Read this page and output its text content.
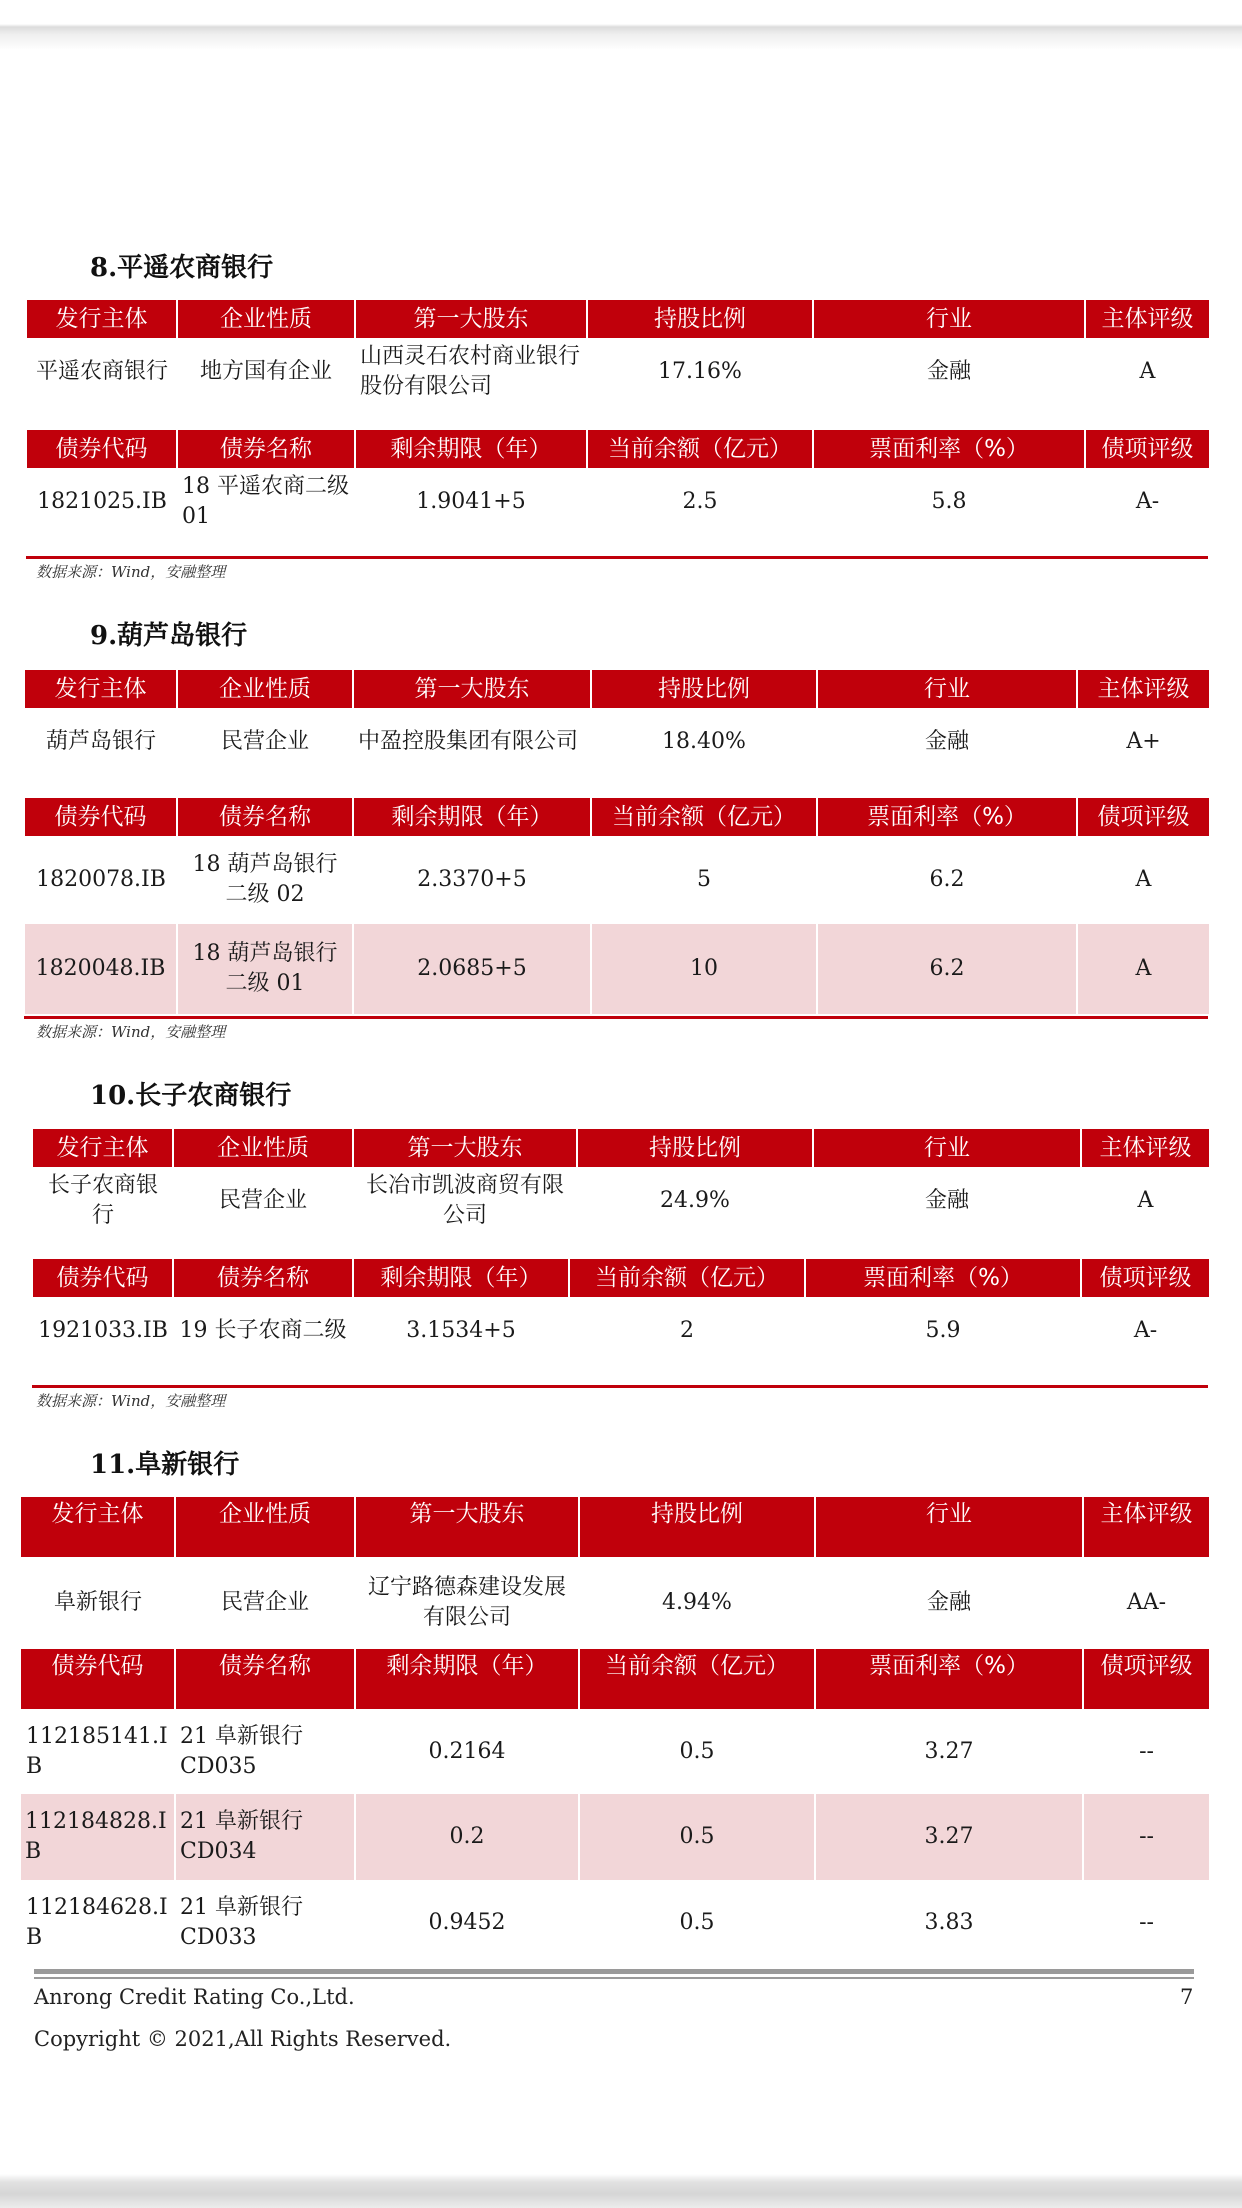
8.平遥农商银行
发行主体	企业性质	第一大股东	持股比例	行业	主体评级
平遥农商银行	地方国有企业	山西灵石农村商业银行股份有限公司	17.16%	金融	A
债券代码	债券名称	剩余期限（年）	当前余额（亿元）	票面利率（%）	债项评级
1821025.IB	18 平遥农商二级 01	1.9041+5	2.5	5.8	A-
数据来源：Wind，安融整理
9.葫芦岛银行
发行主体	企业性质	第一大股东	持股比例	行业	主体评级
葫芦岛银行	民营企业	中盈控股集团有限公司	18.40%	金融	A+
债券代码	债券名称	剩余期限（年）	当前余额（亿元）	票面利率（%）	债项评级
1820078.IB	18 葫芦岛银行二级 02	2.3370+5	5	6.2	A
1820048.IB	18 葫芦岛银行二级 01	2.0685+5	10	6.2	A
数据来源：Wind，安融整理
10.长子农商银行
发行主体	企业性质	第一大股东	持股比例	行业	主体评级
长子农商银行	民营企业	长冶市凯波商贸有限公司	24.9%	金融	A
债券代码	债券名称	剩余期限（年）	当前余额（亿元）	票面利率（%）	债项评级
1921033.IB	19 长子农商二级	3.1534+5	2	5.9	A-
数据来源：Wind，安融整理
11.阜新银行
发行主体	企业性质	第一大股东	持股比例	行业	主体评级
阜新银行	民营企业	辽宁路德森建设发展有限公司	4.94%	金融	AA-
债券代码	债券名称	剩余期限（年）	当前余额（亿元）	票面利率（%）	债项评级
112185141.IB	21 阜新银行 CD035	0.2164	0.5	3.27	--
112184828.IB	21 阜新银行 CD034	0.2	0.5	3.27	--
112184628.IB	21 阜新银行 CD033	0.9452	0.5	3.83	--
Anrong Credit Rating Co.,Ltd.	7
Copyright © 2021,All Rights Reserved.
